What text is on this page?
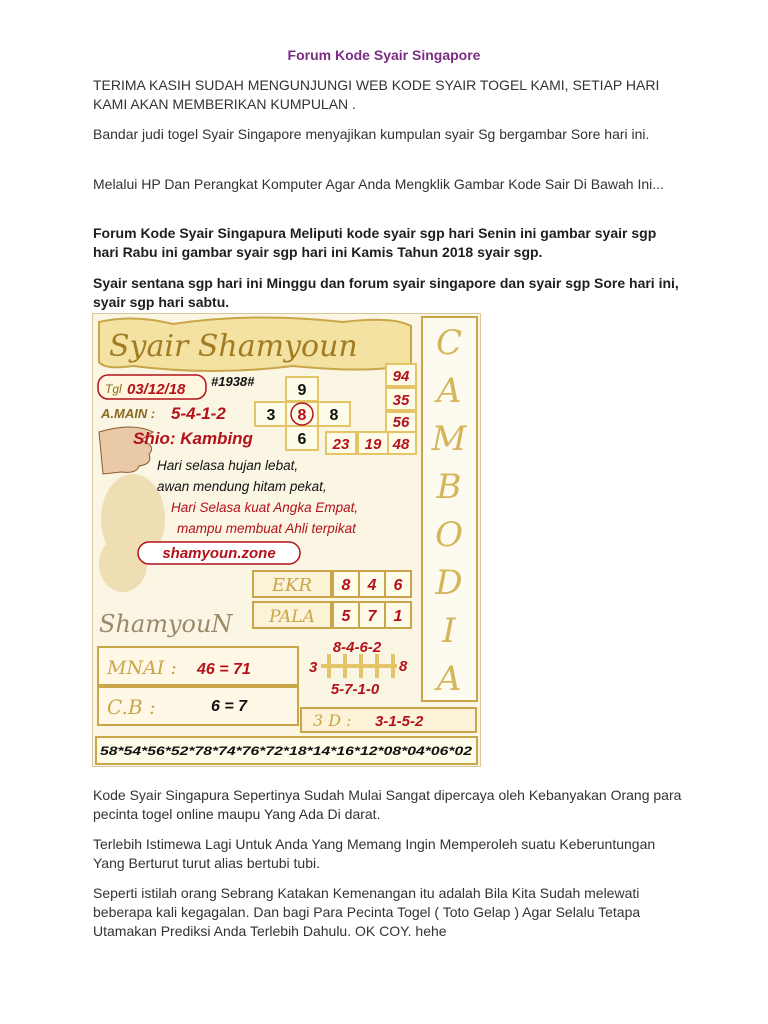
Forum Kode Syair Singapore

TERIMA KASIH SUDAH MENGUNJUNGI WEB KODE SYAIR TOGEL KAMI, SETIAP HARI KAMI AKAN MEMBERIKAN KUMPULAN .

Bandar judi togel Syair Singapore menyajikan kumpulan syair Sg bergambar Sore hari ini.

Melalui HP Dan Perangkat Komputer Agar Anda Mengklik Gambar Kode Sair Di Bawah Ini...

Forum Kode Syair Singapura Meliputi kode syair sgp hari Senin ini gambar syair sgp hari Rabu ini gambar syair sgp hari ini Kamis Tahun 2018 syair sgp.

Syair sentana sgp hari ini Minggu dan forum syair singapore dan syair sgp Sore hari ini, syair sgp hari sabtu.

Syair Shamyoun C
A
M
B
O
D
I
A
Tgl 03/12/18 #1938#
A.MAIN : 5-4-1-2
9
3 8 8
6
94
35
56
48
23 19
Shio: Kambing
Hari selasa hujan lebat,
awan mendung hitam pekat,
Hari Selasa kuat Angka Empat,
mampu membuat Ahli terpikat
shamyoun.zone
EKR 8 4 6
PALA 5 7 1
ShamyouN
MNAI : 46 = 71
C.B :	6 = 7
8-4-6-2
3	8
5-7-1-0
3 D : 3-1-5-2
58*54*56*52*78*74*76*72*18*14*16*12*08*04*06*02

Kode Syair Singapura Sepertinya Sudah Mulai Sangat dipercaya oleh Kebanyakan Orang para pecinta togel online maupu Yang Ada Di darat.

Terlebih Istimewa Lagi Untuk Anda Yang Memang Ingin Memperoleh suatu Keberuntungan Yang Berturut turut alias bertubi tubi.

Seperti istilah orang Sebrang Katakan Kemenangan itu adalah Bila Kita Sudah melewati beberapa kali kegagalan. Dan bagi Para Pecinta Togel ( Toto Gelap ) Agar Selalu Tetapa Utamakan Prediksi Anda Terlebih Dahulu. OK COY. hehe
